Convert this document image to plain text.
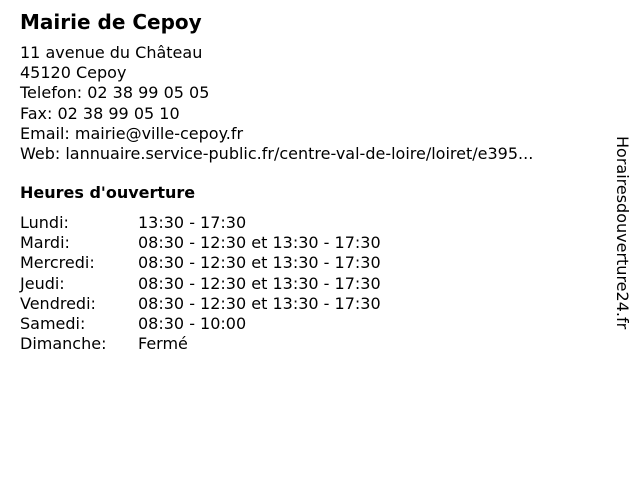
Mairie de Cepoy
11 avenue du Château
45120 Cepoy
Telefon: 02 38 99 05 05
Fax: 02 38 99 05 10
Email: mairie@ville-cepoy.fr
Web: lannuaire.service-public.fr/centre-val-de-loire/loiret/e395...
Heures d'ouverture
Lundi:	13:30 - 17:30
Mardi:	08:30 - 12:30 et 13:30 - 17:30
Mercredi:	08:30 - 12:30 et 13:30 - 17:30
Jeudi:	08:30 - 12:30 et 13:30 - 17:30
Vendredi:	08:30 - 12:30 et 13:30 - 17:30
Samedi:	08:30 - 10:00
Dimanche: Fermé
Horairesdouverture24.fr
